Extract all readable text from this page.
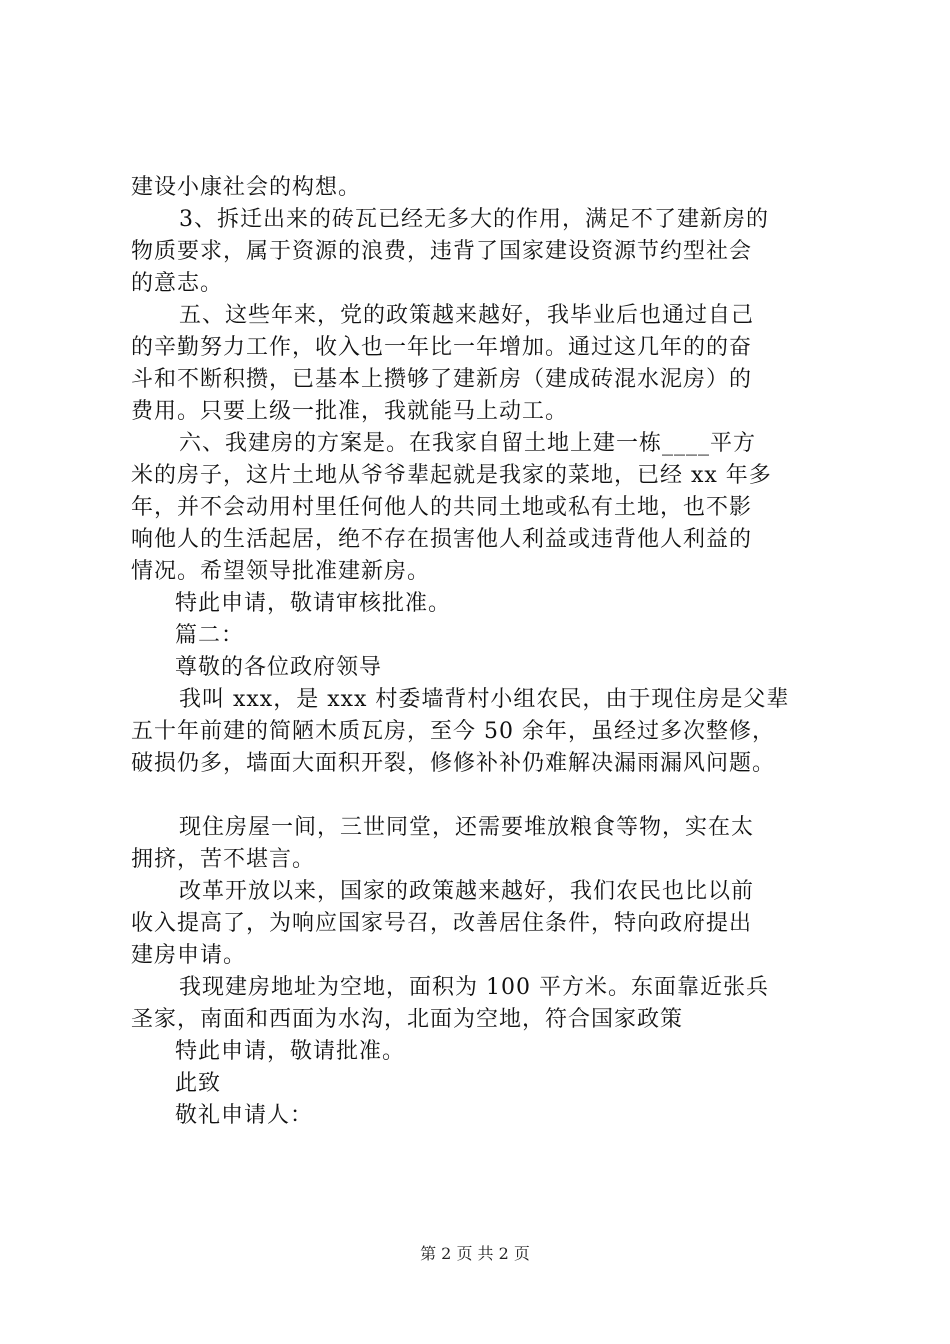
建设小康社会的构想。
3、拆迁出来的砖瓦已经无多大的作用，满足不了建新房的
物质要求，属于资源的浪费，违背了国家建设资源节约型社会
的意志。
五、这些年来，党的政策越来越好，我毕业后也通过自己
的辛勤努力工作，收入也一年比一年增加。通过这几年的的奋
斗和不断积攒，已基本上攒够了建新房（建成砖混水泥房）的
费用。只要上级一批准，我就能马上动工。
六、我建房的方案是。在我家自留土地上建一栋____平方
米的房子，这片土地从爷爷辈起就是我家的菜地，已经 xx 年多
年，并不会动用村里任何他人的共同土地或私有土地，也不影
响他人的生活起居，绝不存在损害他人利益或违背他人利益的
情况。希望领导批准建新房。
特此申请，敬请审核批准。
篇二：
尊敬的各位政府领导
我叫 xxx，是 xxx 村委墙背村小组农民，由于现住房是父辈
五十年前建的简陋木质瓦房，至今 50 余年，虽经过多次整修，
破损仍多，墙面大面积开裂，修修补补仍难解决漏雨漏风问题。
现住房屋一间，三世同堂，还需要堆放粮食等物，实在太
拥挤，苦不堪言。
改革开放以来，国家的政策越来越好，我们农民也比以前
收入提高了，为响应国家号召，改善居住条件，特向政府提出
建房申请。
我现建房地址为空地，面积为 100 平方米。东面靠近张兵
圣家，南面和西面为水沟，北面为空地，符合国家政策
特此申请，敬请批准。
此致
敬礼申请人：
第 2 页 共 2 页
